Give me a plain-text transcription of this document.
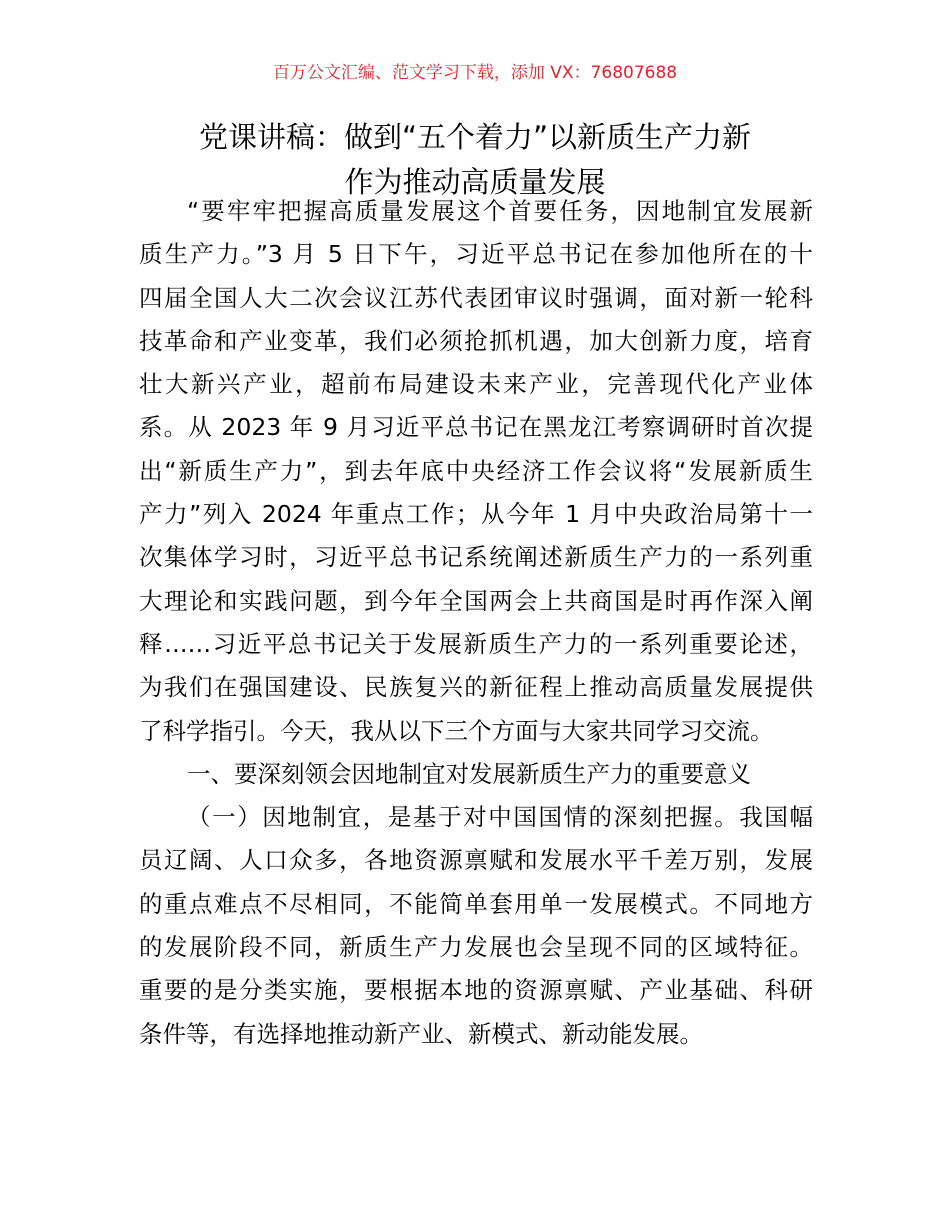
百万公文汇编、范文学习下载，添加 VX：76807688
党课讲稿：做到“五个着力”以新质生产力新
作为推动高质量发展
“要牢牢把握高质量发展这个首要任务，因地制宜发展新
质生产力。”3 月 5 日下午，习近平总书记在参加他所在的十
四届全国人大二次会议江苏代表团审议时强调，面对新一轮科
技革命和产业变革，我们必须抢抓机遇，加大创新力度，培育
壮大新兴产业，超前布局建设未来产业，完善现代化产业体
系。从 2023 年 9 月习近平总书记在黑龙江考察调研时首次提
出“新质生产力”，到去年底中央经济工作会议将“发展新质生
产力”列入 2024 年重点工作；从今年 1 月中央政治局第十一
次集体学习时，习近平总书记系统阐述新质生产力的一系列重
大理论和实践问题，到今年全国两会上共商国是时再作深入阐
释……习近平总书记关于发展新质生产力的一系列重要论述，
为我们在强国建设、民族复兴的新征程上推动高质量发展提供
了科学指引。今天，我从以下三个方面与大家共同学习交流。
一、要深刻领会因地制宜对发展新质生产力的重要意义
（一）因地制宜，是基于对中国国情的深刻把握。我国幅
员辽阔、人口众多，各地资源禀赋和发展水平千差万别，发展
的重点难点不尽相同，不能简单套用单一发展模式。不同地方
的发展阶段不同，新质生产力发展也会呈现不同的区域特征。
重要的是分类实施，要根据本地的资源禀赋、产业基础、科研
条件等，有选择地推动新产业、新模式、新动能发展。
